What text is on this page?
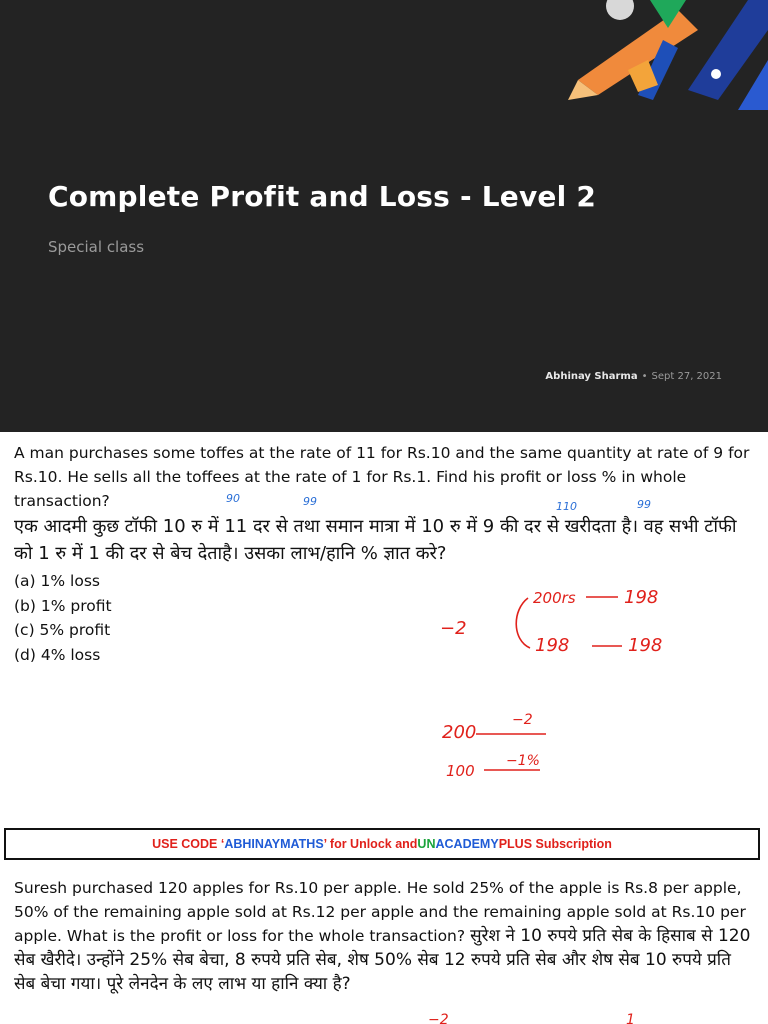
Complete Profit and Loss - Level 2
Special class
Abhinay Sharma • Sept 27, 2021

A man purchases some toffes at the rate of 11 for Rs.10 and the same quantity at rate of 9 for Rs.10. He sells all the toffees at the rate of 1 for Rs.1. Find his profit or loss % in whole transaction?

एक आदमी कुछ टॉफी 10 रु में 11 दर से तथा समान मात्रा में 10 रु में 9 की दर से खरीदता है। वह सभी टॉफी को 1 रु में 1 की दर से बेच देताहै। उसका लाभ/हानि % ज्ञात करे?

(a) 1% loss
(b) 1% profit
(c) 5% profit
(d) 4% loss
90	99	110	99
−2
200rs	198
198	198
200
−2
100
−1%
−2	1
USE CODE ‘ ABHINAYMATHS ’ for Unlock and UN ACADEMY PLUS Subscription

Suresh purchased 120 apples for Rs.10 per apple. He sold 25% of the apple is Rs.8 per apple, 50% of the remaining apple sold at Rs.12 per apple and the remaining apple sold at Rs.10 per apple. What is the profit or loss for the whole transaction? सुरेश ने 10 रुपये प्रति सेब के हिसाब से 120 सेब खैरीदे। उन्होंने 25% सेब बेचा, 8 रुपये प्रति सेब, शेष 50% सेब 12 रुपये प्रति सेब और शेष सेब 10 रुपये प्रति सेब बेचा गया। पूरे लेनदेन के लए लाभ या हानि क्या है?
